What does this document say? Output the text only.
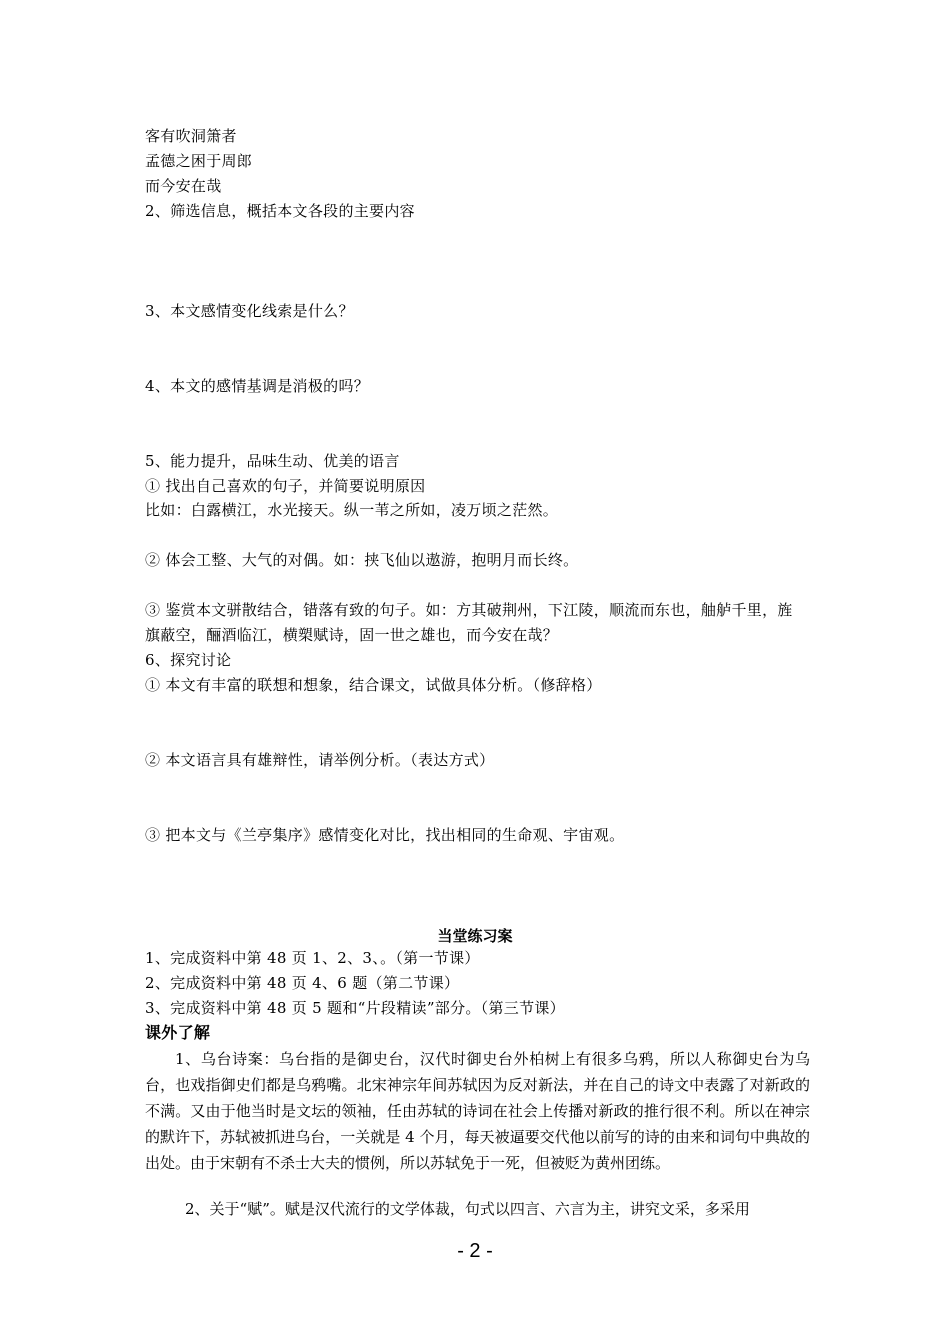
客有吹洞箫者
孟德之困于周郎
而今安在哉
2、筛选信息，概括本文各段的主要内容
3、本文感情变化线索是什么？
4、本文的感情基调是消极的吗？
5、能力提升，品味生动、优美的语言
① 找出自己喜欢的句子，并简要说明原因
比如：白露横江，水光接天。纵一苇之所如，凌万顷之茫然。
② 体会工整、大气的对偶。如：挟飞仙以遨游，抱明月而长终。
③ 鉴赏本文骈散结合，错落有致的句子。如：方其破荆州，下江陵，顺流而东也，舳舻千里，旌
旗蔽空，酾酒临江，横槊赋诗，固一世之雄也，而今安在哉？
6、探究讨论
① 本文有丰富的联想和想象，结合课文，试做具体分析。（修辞格）
② 本文语言具有雄辩性，请举例分析。（表达方式）
③ 把本文与《兰亭集序》感情变化对比，找出相同的生命观、宇宙观。
当堂练习案
1、完成资料中第 48 页 1、2、3、。（第一节课）
2、完成资料中第 48 页 4、6 题（第二节课）
3、完成资料中第 48 页 5 题和“片段精读”部分。（第三节课）
课外了解
1、乌台诗案：乌台指的是御史台，汉代时御史台外柏树上有很多乌鸦，所以人称御史台为乌台，也戏指御史们都是乌鸦嘴。北宋神宗年间苏轼因为反对新法，并在自己的诗文中表露了对新政的不满。又由于他当时是文坛的领袖，任由苏轼的诗词在社会上传播对新政的推行很不利。所以在神宗的默许下，苏轼被抓进乌台，一关就是 4 个月，每天被逼要交代他以前写的诗的由来和词句中典故的出处。由于宋朝有不杀士大夫的惯例，所以苏轼免于一死，但被贬为黄州团练。
2、关于“赋”。赋是汉代流行的文学体裁，句式以四言、六言为主，讲究文采，多采用
- 2 -
